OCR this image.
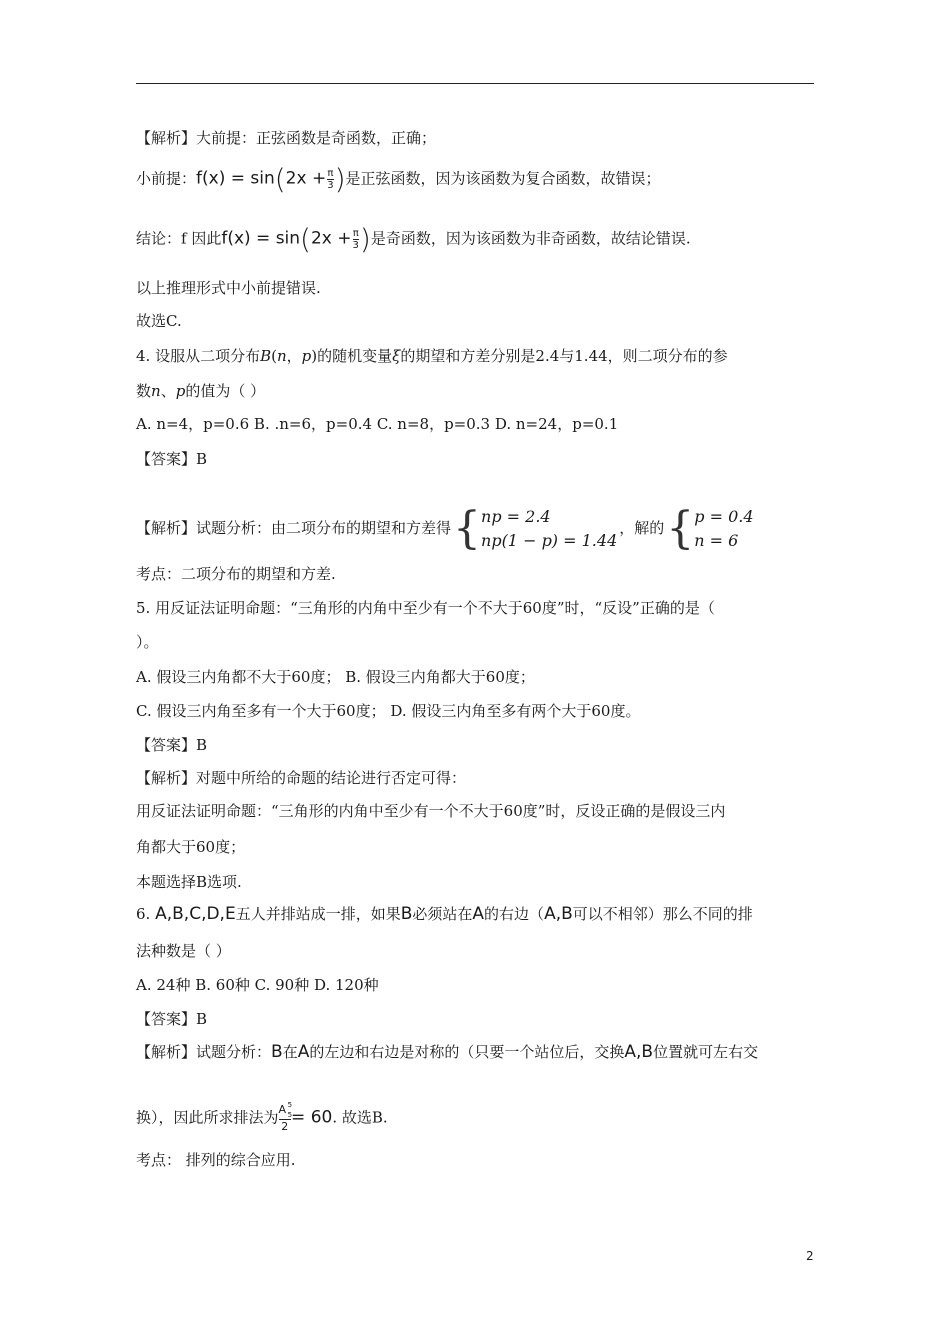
【解析】大前提：正弦函数是奇函数，正确；
小前提：$f(x) = \sin(2x + \frac{\pi}{3}$ )是正弦函数，因为该函数为复合函数，故错误；
结论：f 因此$f(x) = \sin(2x + \frac{\pi}{3}$ )是奇函数，因为该函数为非奇函数，故结论错误.
以上推理形式中小前提错误.
故选C.
4. 设服从二项分布B(n，p)的随机变量ξ的期望和方差分别是2.4与1.44，则二项分布的参
数n、p的值为（ ）
A. n=4，p=0.6 B. .n=6，p=0.4 C. n=8，p=0.3 D. n=24，p=0.1
【答案】B
【解析】试题分析：由二项分布的期望和方差得 { np = 2.4
np(1 − p) = 1.44
，解的 { p = 0.4
n = 6
考点：二项分布的期望和方差.
5. 用反证法证明命题：“三角形的内角中至少有一个不大于60度”时，“反设”正确的是（
）。
A. 假设三内角都不大于60度； B. 假设三内角都大于60度；
C. 假设三内角至多有一个大于60度； D. 假设三内角至多有两个大于60度。
【答案】B
【解析】对题中所给的命题的结论进行否定可得：
用反证法证明命题：“三角形的内角中至少有一个不大于60度”时，反设正确的是假设三内
角都大于60度；
本题选择B选项.
6. A,B,C,D,E五人并排站成一排，如果B必须站在A的右边（A,B可以不相邻）那么不同的排
法种数是（ ）
A. 24种 B. 60种 C. 90种 D. 120种
【答案】B
【解析】试题分析：B在A的左边和右边是对称的（只要一个站位后，交换A,B位置就可左右交
换），因此所求排法为 A 5
5
2 = 60. 故选B.
考点： 排列的综合应用.
2
